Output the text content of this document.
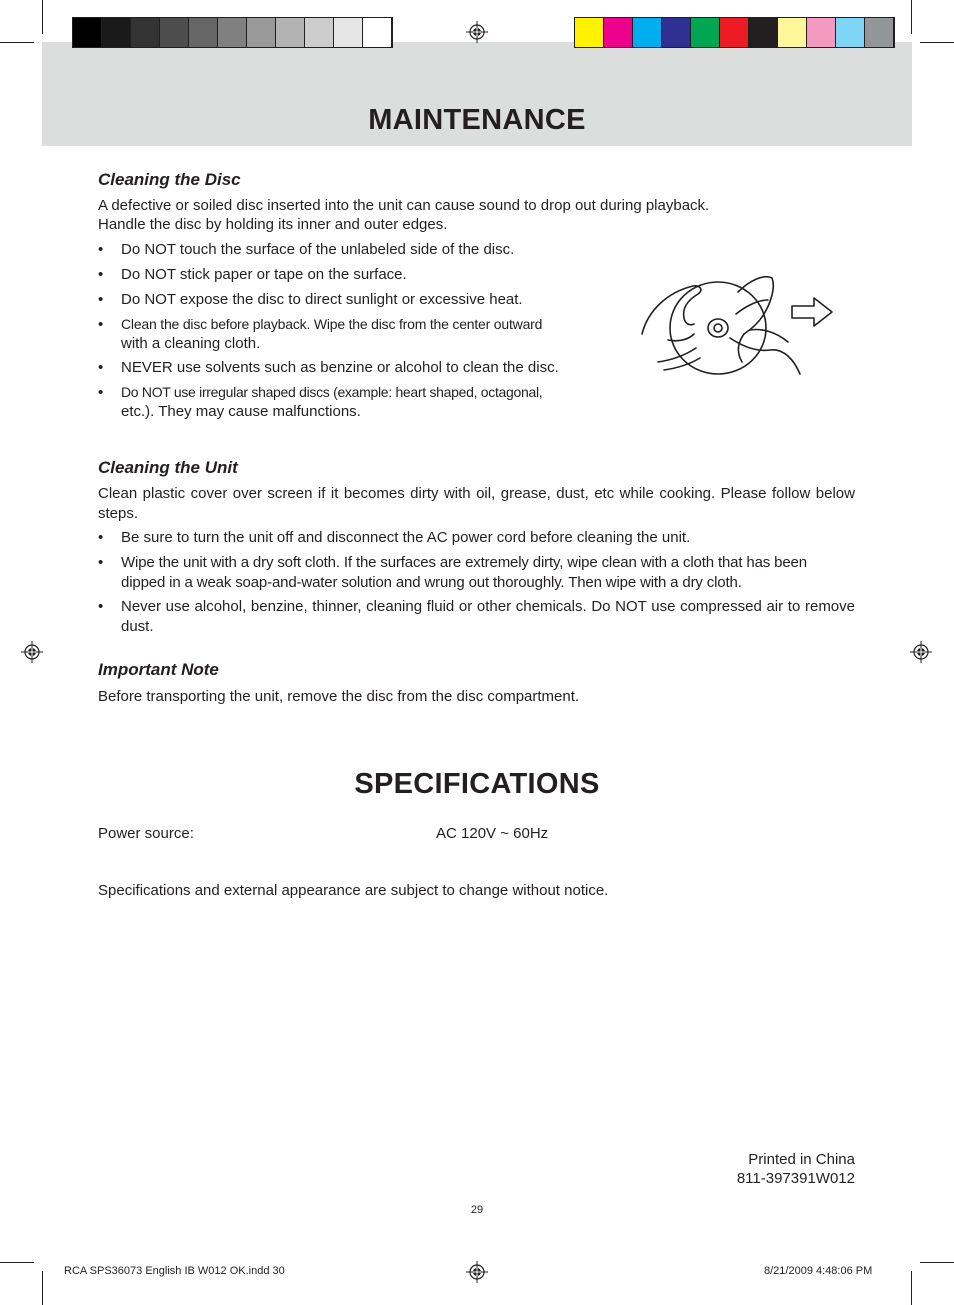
MAINTENANCE
Cleaning the Disc
A defective or soiled disc inserted into the unit can cause sound to drop out during playback.
Handle the disc by holding its inner and outer edges.
•	Do NOT touch the surface of the unlabeled side of the disc.
•	Do NOT stick paper or tape on the surface.
•	Do NOT expose the disc to direct sunlight or excessive heat.
•	Clean the disc before playback. Wipe the disc from the center outward
with a cleaning cloth.
•	NEVER use solvents such as benzine or alcohol to clean the disc.
•	Do NOT use irregular shaped discs (example: heart shaped, octagonal,
etc.). They may cause malfunctions.
Cleaning the Unit
Clean plastic cover over screen if it becomes dirty with oil, grease, dust, etc while cooking. Please follow below steps.
•	Be sure to turn the unit off and disconnect the AC power cord before cleaning the unit.
•	Wipe the unit with a dry soft cloth. If the surfaces are extremely dirty, wipe clean with a cloth that has been dipped in a weak soap-and-water solution and wrung out thoroughly. Then wipe with a dry cloth.
•	Never use alcohol, benzine, thinner, cleaning fluid or other chemicals. Do NOT use compressed air to remove dust.
Important Note
Before transporting the unit, remove the disc from the disc compartment.
SPECIFICATIONS
Power source:	AC 120V ~ 60Hz
Specifications and external appearance are subject to change without notice.
Printed in China
811-397391W012
29
RCA SPS36073 English IB W012 OK.indd 30	8/21/2009 4:48:06 PM
